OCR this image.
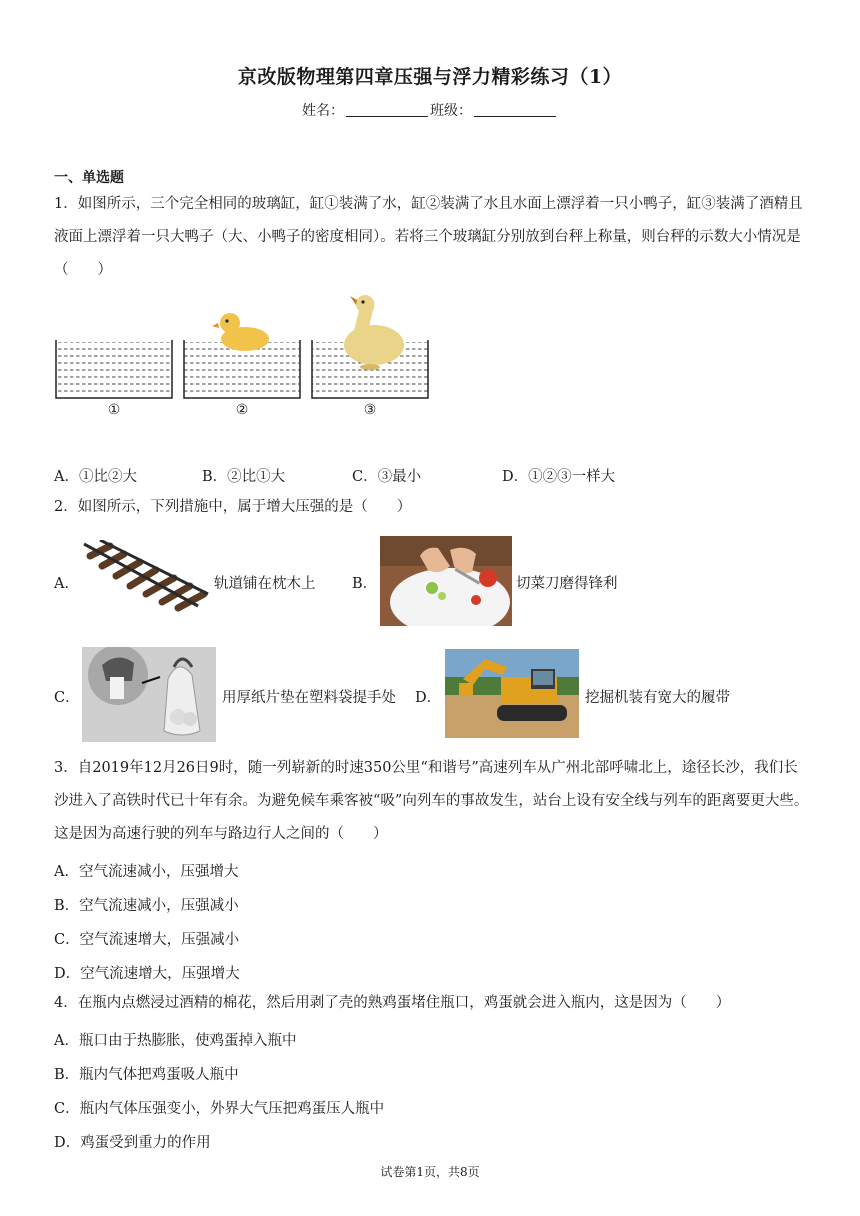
京改版物理第四章压强与浮力精彩练习（1）
姓名：	班级：
一、单选题
1．如图所示，三个完全相同的玻璃缸，缸①装满了水，缸②装满了水且水面上漂浮着一只小鸭子，缸③装满了酒精且液面上漂浮着一只大鸭子（大、小鸭子的密度相同）。若将三个玻璃缸分别放到台秤上称量，则台秤的示数大小情况是（　　）
①	②	③
A．①比②大	B．②比①大	C．③最小	D．①②③一样大
2．如图所示，下列措施中，属于增大压强的是（　　）
A．	轨道铺在枕木上	B．	切菜刀磨得锋利
C．	用厚纸片垫在塑料袋提手处 D．	挖掘机装有宽大的履带
3．自2019年12月26日9时，随一列崭新的时速350公里“和谐号”高速列车从广州北部呼啸北上，途径长沙，我们长沙进入了高铁时代已十年有余。为避免候车乘客被“吸”向列车的事故发生，站台上设有安全线与列车的距离要更大些。这是因为高速行驶的列车与路边行人之间的（　　）
A．空气流速减小，压强增大
B．空气流速减小，压强减小
C．空气流速增大，压强减小
D．空气流速增大，压强增大
4．在瓶内点燃浸过酒精的棉花，然后用剥了壳的熟鸡蛋堵住瓶口，鸡蛋就会进入瓶内，这是因为（　　）
A．瓶口由于热膨胀，使鸡蛋掉入瓶中
B．瓶内气体把鸡蛋吸人瓶中
C．瓶内气体压强变小，外界大气压把鸡蛋压人瓶中
D．鸡蛋受到重力的作用
试卷第1页，共8页
